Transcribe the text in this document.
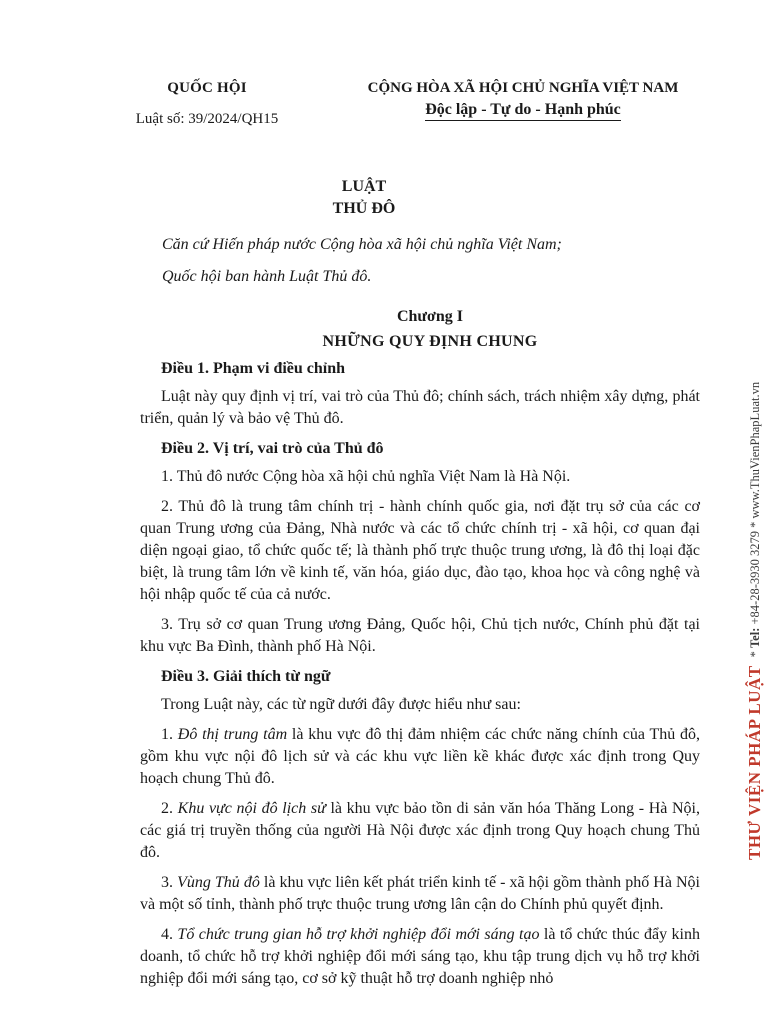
QUỐC HỘI
Luật số: 39/2024/QH15
CỘNG HÒA XÃ HỘI CHỦ NGHĨA VIỆT NAM
Độc lập - Tự do - Hạnh phúc
LUẬT
THỦ ĐÔ
Căn cứ Hiến pháp nước Cộng hòa xã hội chủ nghĩa Việt Nam;
Quốc hội ban hành Luật Thủ đô.
Chương I
NHỮNG QUY ĐỊNH CHUNG

Điều 1. Phạm vi điều chỉnh

Luật này quy định vị trí, vai trò của Thủ đô; chính sách, trách nhiệm xây dựng, phát triển, quản lý và bảo vệ Thủ đô.

Điều 2. Vị trí, vai trò của Thủ đô

1. Thủ đô nước Cộng hòa xã hội chủ nghĩa Việt Nam là Hà Nội.

2. Thủ đô là trung tâm chính trị - hành chính quốc gia, nơi đặt trụ sở của các cơ quan Trung ương của Đảng, Nhà nước và các tổ chức chính trị - xã hội, cơ quan đại diện ngoại giao, tổ chức quốc tế; là thành phố trực thuộc trung ương, là đô thị loại đặc biệt, là trung tâm lớn về kinh tế, văn hóa, giáo dục, đào tạo, khoa học và công nghệ và hội nhập quốc tế của cả nước.

3. Trụ sở cơ quan Trung ương Đảng, Quốc hội, Chủ tịch nước, Chính phủ đặt tại khu vực Ba Đình, thành phố Hà Nội.

Điều 3. Giải thích từ ngữ

Trong Luật này, các từ ngữ dưới đây được hiểu như sau:

1. Đô thị trung tâm là khu vực đô thị đảm nhiệm các chức năng chính của Thủ đô, gồm khu vực nội đô lịch sử và các khu vực liền kề khác được xác định trong Quy hoạch chung Thủ đô.

2. Khu vực nội đô lịch sử là khu vực bảo tồn di sản văn hóa Thăng Long - Hà Nội, các giá trị truyền thống của người Hà Nội được xác định trong Quy hoạch chung Thủ đô.

3. Vùng Thủ đô là khu vực liên kết phát triển kinh tế - xã hội gồm thành phố Hà Nội và một số tỉnh, thành phố trực thuộc trung ương lân cận do Chính phủ quyết định.

4. Tổ chức trung gian hỗ trợ khởi nghiệp đổi mới sáng tạo là tổ chức thúc đẩy kinh doanh, tổ chức hỗ trợ khởi nghiệp đổi mới sáng tạo, khu tập trung dịch vụ hỗ trợ khởi nghiệp đổi mới sáng tạo, cơ sở kỹ thuật hỗ trợ doanh nghiệp nhỏ

THƯ VIỆN PHÁP LUẬT
* Tel: +84-28-3930 3279 * www.ThuVienPhapLuat.vn
